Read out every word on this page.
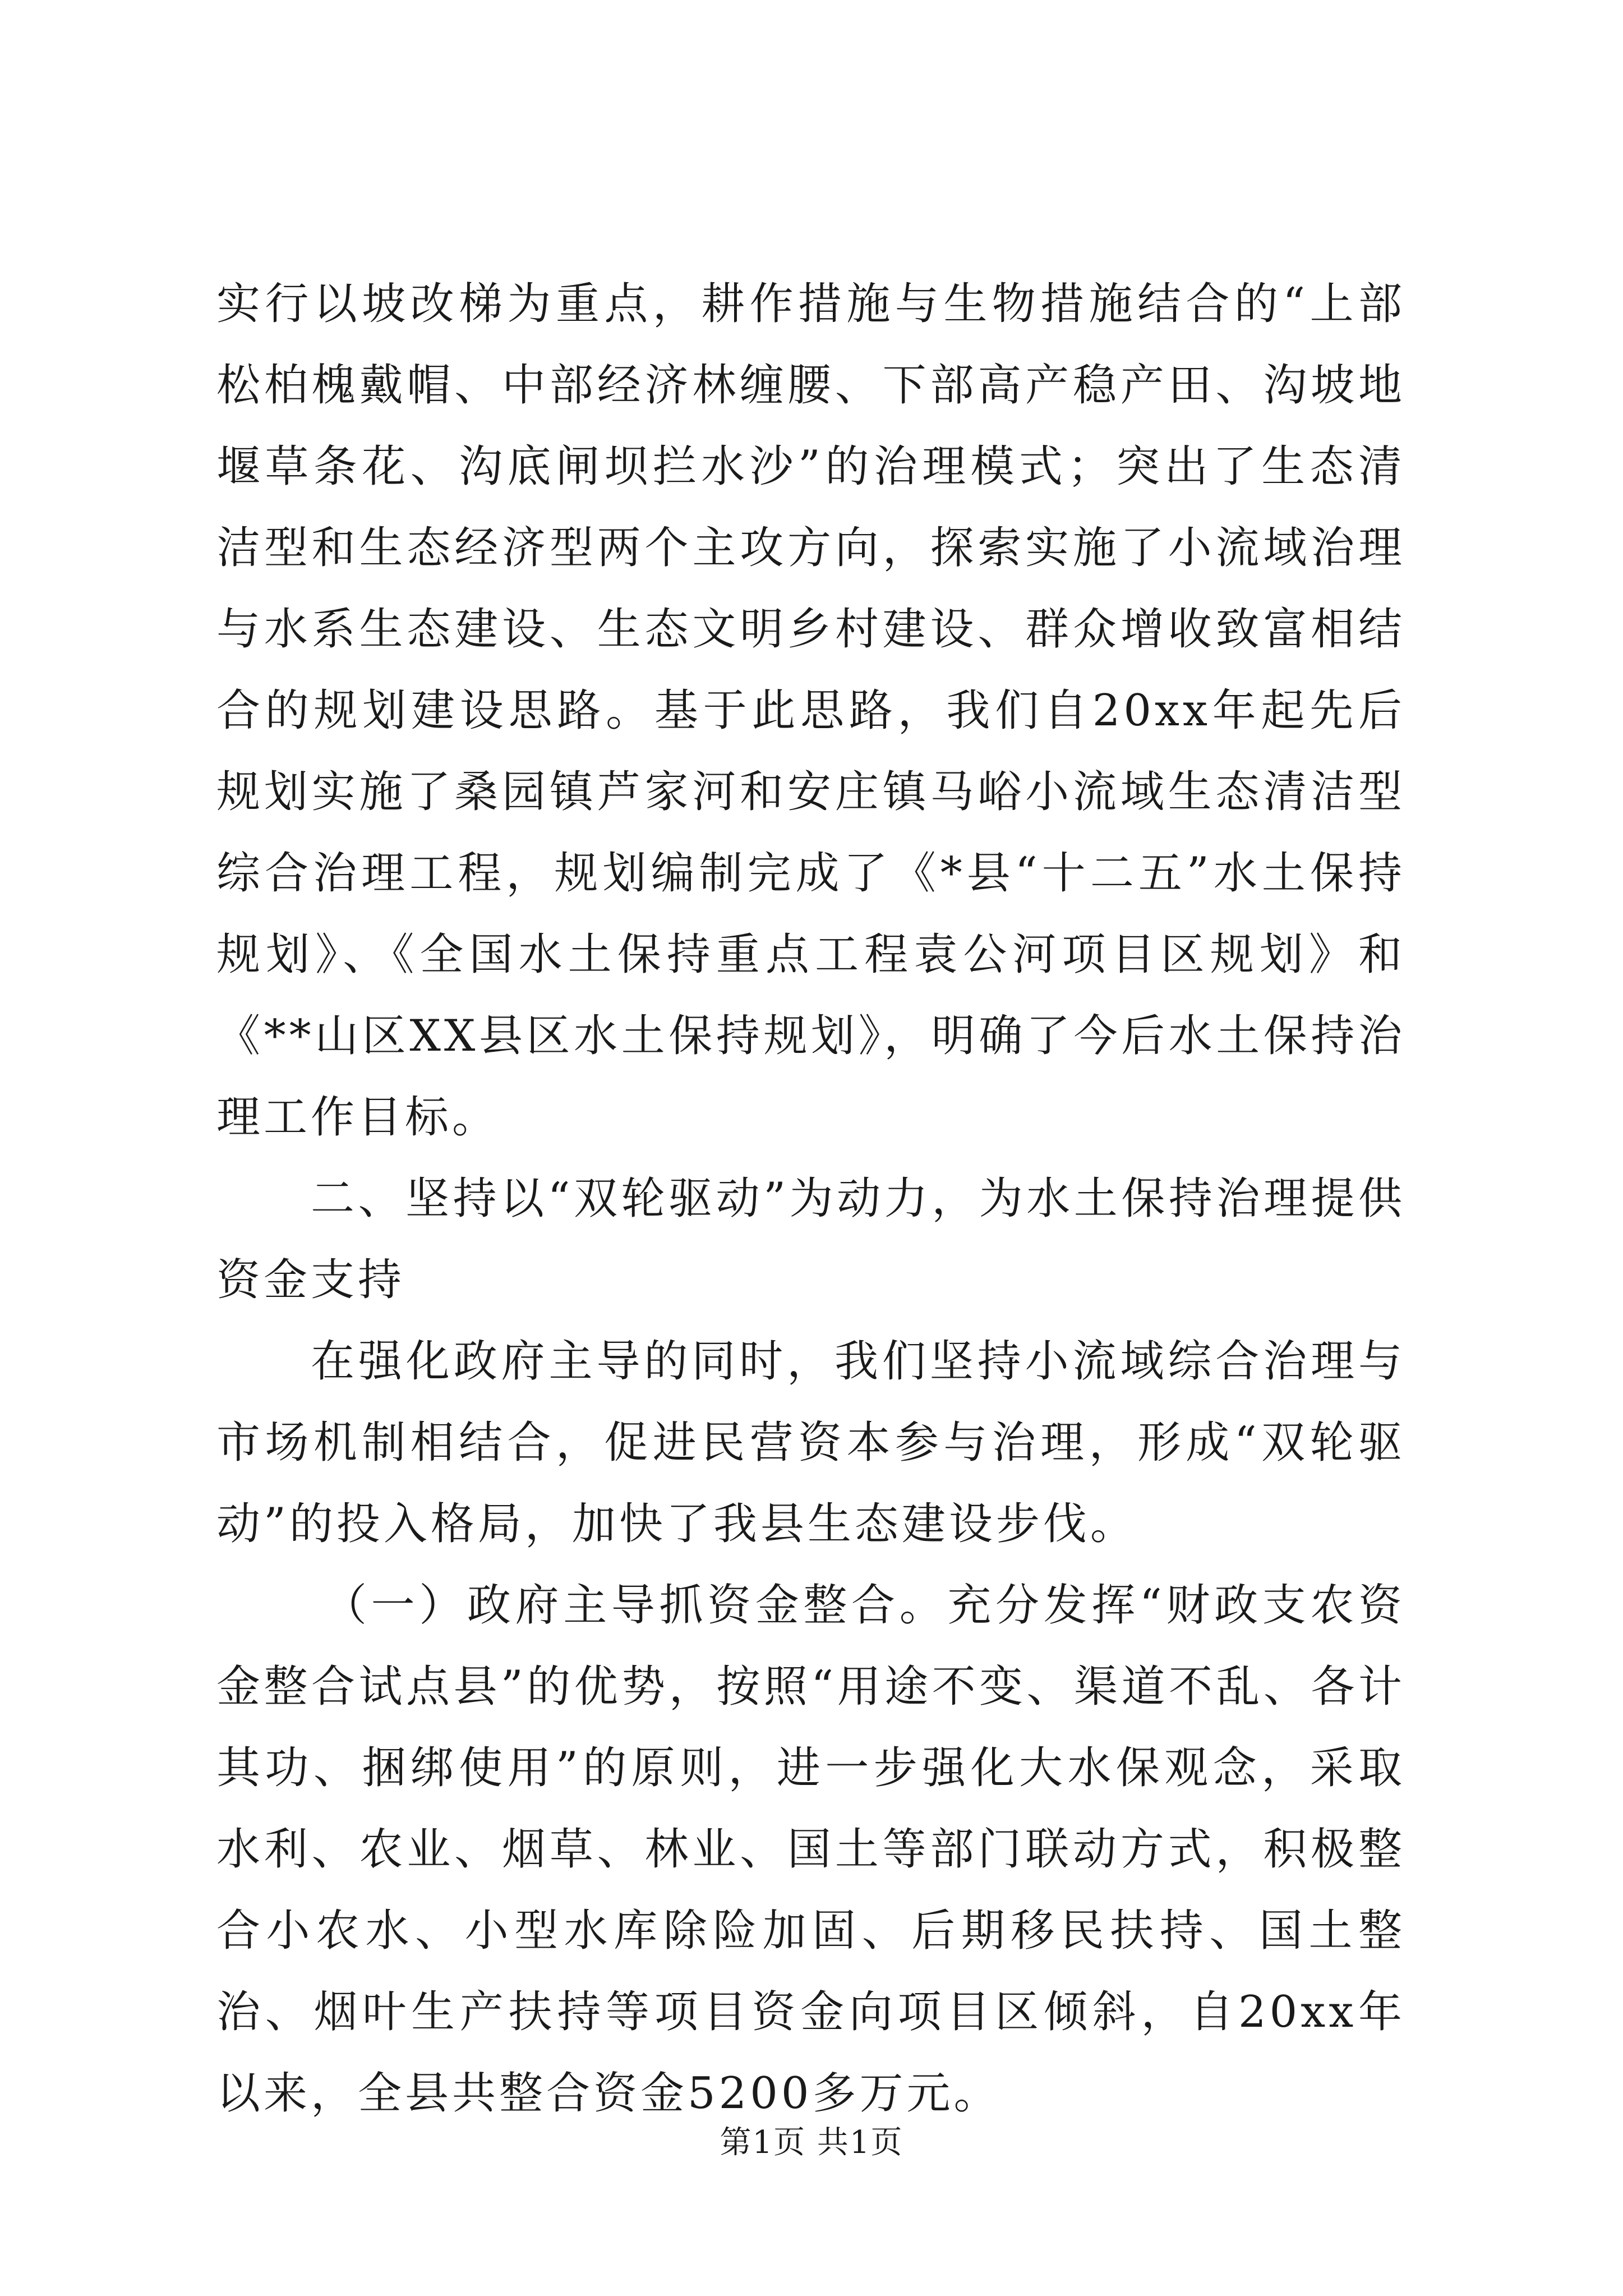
实行以坡改梯为重点，耕作措施与生物措施结合的“上部松柏槐戴帽、中部经济林缠腰、下部高产稳产田、沟坡地堰草条花、沟底闸坝拦水沙”的治理模式；突出了生态清洁型和生态经济型两个主攻方向，探索实施了小流域治理与水系生态建设、生态文明乡村建设、群众增收致富相结合的规划建设思路。基于此思路，我们自20xx年起先后规划实施了桑园镇芦家河和安庄镇马峪小流域生态清洁型综合治理工程，规划编制完成了《*县“十二五”水土保持规划》、《全国水土保持重点工程袁公河项目区规划》和《**山区XX县区水土保持规划》，明确了今后水土保持治理工作目标。

二、坚持以“双轮驱动”为动力，为水土保持治理提供资金支持

在强化政府主导的同时，我们坚持小流域综合治理与市场机制相结合，促进民营资本参与治理，形成“双轮驱动”的投入格局，加快了我县生态建设步伐。

（一）政府主导抓资金整合。充分发挥“财政支农资金整合试点县”的优势，按照“用途不变、渠道不乱、各计其功、捆绑使用”的原则，进一步强化大水保观念，采取水利、农业、烟草、林业、国土等部门联动方式，积极整合小农水、小型水库除险加固、后期移民扶持、国土整治、烟叶生产扶持等项目资金向项目区倾斜，自20xx年以来，全县共整合资金5200多万元。

第1页 共1页
